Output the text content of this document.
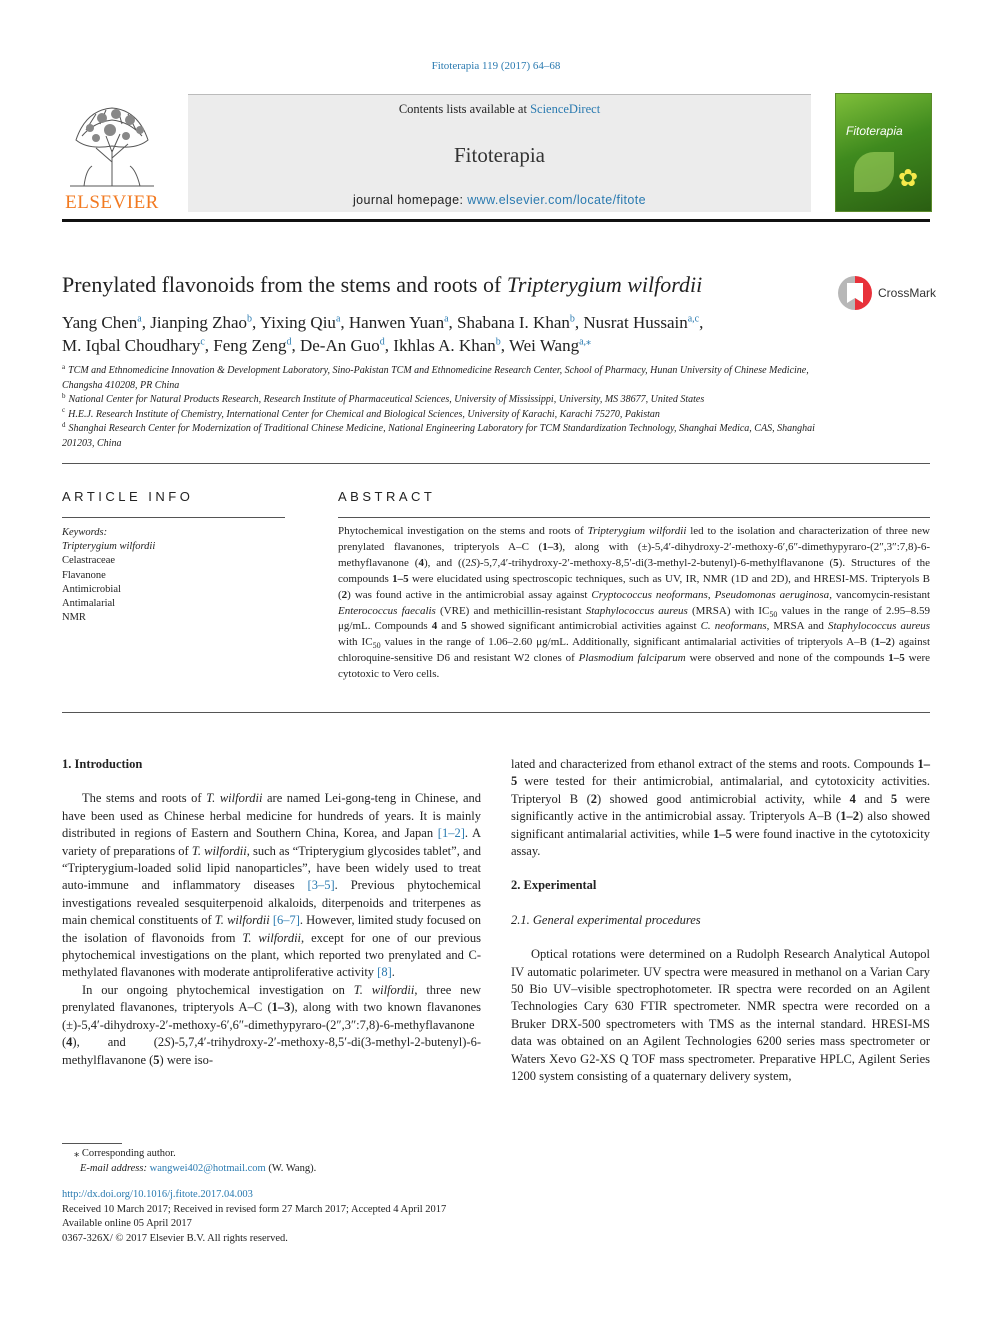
Fitoterapia 119 (2017) 64–68
ELSEVIER
Contents lists available at ScienceDirect
Fitoterapia
journal homepage: www.elsevier.com/locate/fitote
Fitoterapia
✿
Prenylated flavonoids from the stems and roots of Tripterygium wilfordii	CrossMark
Yang Chen$^a$, Jianping Zhao$^b$, Yixing Qiu$^a$, Hanwen Yuan$^a$, Shabana I. Khan$^b$, Nusrat Hussain$^{a,c}$,
M. Iqbal Choudhary$^c$, Feng Zeng$^d$, De-An Guo$^d$, Ikhlas A. Khan$^b$, Wei Wang$^{a,⁎}$
$^a$ TCM and Ethnomedicine Innovation & Development Laboratory, Sino-Pakistan TCM and Ethnomedicine Research Center, School of Pharmacy, Hunan University of Chinese Medicine, Changsha 410208, PR China
$^b$ National Center for Natural Products Research, Research Institute of Pharmaceutical Sciences, University of Mississippi, University, MS 38677, United States
$^c$ H.E.J. Research Institute of Chemistry, International Center for Chemical and Biological Sciences, University of Karachi, Karachi 75270, Pakistan
$^d$ Shanghai Research Center for Modernization of Traditional Chinese Medicine, National Engineering Laboratory for TCM Standardization Technology, Shanghai Medica, CAS, Shanghai 201203, China
ARTICLE INFO	ABSTRACT
Keywords:
Tripterygium wilfordii
Celastraceae
Flavanone
Antimicrobial
Antimalarial
NMR
Phytochemical investigation on the stems and roots of Tripterygium wilfordii led to the isolation and characterization of three new prenylated flavanones, tripteryols A–C (1–3), along with (±)-5,4′-dihydroxy-2′-methoxy-6′,6″-dimethypyraro-(2″,3″:7,8)-6-methyflavanone (4), and ((2S)-5,7,4′-trihydroxy-2′-methoxy-8,5′-di(3-methyl-2-butenyl)-6-methylflavanone (5). Structures of the compounds 1–5 were elucidated using spectroscopic techniques, such as UV, IR, NMR (1D and 2D), and HRESI-MS. Tripteryols B (2) was found active in the antimicrobial assay against Cryptococcus neoformans, Pseudomonas aeruginosa, vancomycin-resistant Enterococcus faecalis (VRE) and methicillin-resistant Staphylococcus aureus (MRSA) with $IC_{50}$ values in the range of 2.95–8.59 μg/mL. Compounds 4 and 5 showed significant antimicrobial activities against C. neoformans, MRSA and Staphylococcus aureus with $IC_{50}$ values in the range of 1.06–2.60 μg/mL. Additionally, significant antimalarial activities of tripteryols A–B (1–2) against chloroquine-sensitive D6 and resistant W2 clones of Plasmodium falciparum were observed and none of the compounds 1–5 were cytotoxic to Vero cells.
1. Introduction

The stems and roots of T. wilfordii are named Lei-gong-teng in Chinese, and have been used as Chinese herbal medicine for hundreds of years. It is mainly distributed in regions of Eastern and Southern China, Korea, and Japan [1–2]. A variety of preparations of T. wilfordii, such as “Tripterygium glycosides tablet”, and “Tripterygium-loaded solid lipid nanoparticles”, have been widely used to treat auto-immune and inflammatory diseases [3–5]. Previous phytochemical investigations revealed sesquiterpenoid alkaloids, diterpenoids and triterpenes as main chemical constituents of T. wilfordii [6–7]. However, limited study focused on the isolation of flavonoids from T. wilfordii, except for one of our previous phytochemical investigations on the plant, which reported two prenylated and C-methylated flavanones with moderate antiproliferative activity [8].

In our ongoing phytochemical investigation on T. wilfordii, three new prenylated flavanones, tripteryols A–C (1–3), along with two known flavanones (±)-5,4′-dihydroxy-2′-methoxy-6′,6″-dimethypyraro-(2″,3″:7,8)-6-methyflavanone (4), and (2S)-5,7,4′-trihydroxy-2′-methoxy-8,5′-di(3-methyl-2-butenyl)-6-methylflavanone (5) were iso-

lated and characterized from ethanol extract of the stems and roots. Compounds 1–5 were tested for their antimicrobial, antimalarial, and cytotoxicity activities. Tripteryol B (2) showed good antimicrobial activity, while 4 and 5 were significantly active in the antimicrobial assay. Tripteryols A–B (1–2) also showed significant antimalarial activities, while 1–5 were found inactive in the cytotoxicity assay.

2. Experimental
2.1. General experimental procedures

Optical rotations were determined on a Rudolph Research Analytical Autopol IV automatic polarimeter. UV spectra were measured in methanol on a Varian Cary 50 Bio UV–visible spectrophotometer. IR spectra were recorded on an Agilent Technologies Cary 630 FTIR spectrometer. NMR spectra were recorded on a Bruker DRX-500 spectrometers with TMS as the internal standard. HRESI-MS data was obtained on an Agilent Technologies 6200 series mass spectrometer or Waters Xevo G2-XS Q TOF mass spectrometer. Preparative HPLC, Agilent Series 1200 system consisting of a quaternary delivery system,

⁎ Corresponding author.
E-mail address: wangwei402@hotmail.com (W. Wang).
http://dx.doi.org/10.1016/j.fitote.2017.04.003
Received 10 March 2017; Received in revised form 27 March 2017; Accepted 4 April 2017
Available online 05 April 2017
0367-326X/ © 2017 Elsevier B.V. All rights reserved.
